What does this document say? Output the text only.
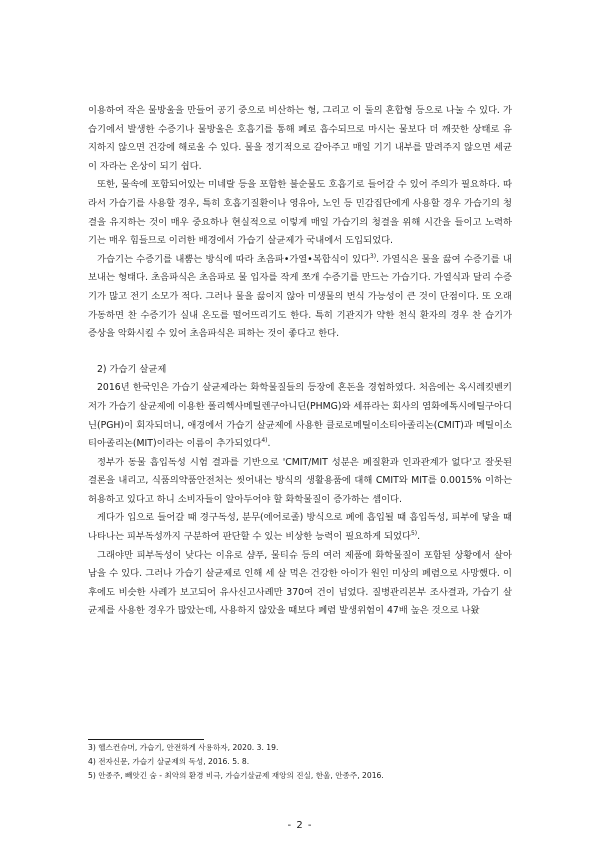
이용하여 작은 물방울을 만들어 공기 중으로 비산하는 형, 그리고 이 둘의 혼합형 등으로 나눌 수 있다. 가습기에서 발생한 수증기나 물방울은 호흡기를 통해 폐로 흡수되므로 마시는 물보다 더 깨끗한 상태로 유지하지 않으면 건강에 해로울 수 있다. 물을 정기적으로 갈아주고 매일 기기 내부를 말려주지 않으면 세균이 자라는 온상이 되기 쉽다.

또한, 물속에 포함되어있는 미네랄 등을 포함한 불순물도 호흡기로 들어갈 수 있어 주의가 필요하다. 따라서 가습기를 사용할 경우, 특히 호흡기질환이나 영유아, 노인 등 민감집단에게 사용할 경우 가습기의 청결을 유지하는 것이 매우 중요하나 현실적으로 이렇게 매일 가습기의 청결을 위해 시간을 들이고 노력하기는 매우 힘들므로 이러한 배경에서 가습기 살균제가 국내에서 도입되었다.

가습기는 수증기를 내뿜는 방식에 따라 초음파•가열•복합식이 있다$^{3)}$. 가열식은 물을 끓여 수증기를 내보내는 형태다. 초음파식은 초음파로 물 입자를 작게 쪼개 수증기를 만드는 가습기다. 가열식과 달리 수증기가 많고 전기 소모가 적다. 그러나 물을 끓이지 않아 미생물의 번식 가능성이 큰 것이 단점이다. 또 오래 가동하면 찬 수증기가 실내 온도를 떨어뜨리기도 한다. 특히 기관지가 약한 천식 환자의 경우 찬 습기가 증상을 악화시킬 수 있어 초음파식은 피하는 것이 좋다고 한다.

2) 가습기 살균제

2016년 한국인은 가습기 살균제라는 화학물질들의 등장에 혼돈을 경험하였다. 처음에는 옥시레킷벤키저가 가습기 살균제에 이용한 폴리헥사메틸렌구아니딘(PHMG)와 세퓨라는 회사의 염화에톡시에틸구아디닌(PGH)이 회자되더니, 애경에서 가습기 살균제에 사용한 클로로메틸이소티아졸리논(CMIT)과 메틸이소티아졸리논(MIT)이라는 이름이 추가되었다$^{4)}$.

정부가 동물 흡입독성 시험 결과를 기반으로 'CMIT/MIT 성분은 폐질환과 인과관계가 없다'고 잘못된 결론을 내리고, 식품의약품안전처는 씻어내는 방식의 생활용품에 대해 CMIT와 MIT를 0.0015% 이하는 허용하고 있다고 하니 소비자들이 알아두어야 할 화학물질이 증가하는 셈이다.

게다가 입으로 들어갈 때 경구독성, 분무(에어로졸) 방식으로 폐에 흡입될 때 흡입독성, 피부에 닿을 때 나타나는 피부독성까지 구분하여 판단할 수 있는 비상한 능력이 필요하게 되었다$^{5)}$.

그래야만 피부독성이 낮다는 이유로 샴푸, 물티슈 등의 여러 제품에 화학물질이 포함된 상황에서 살아남을 수 있다. 그러나 가습기 살균제로 인해 세 살 먹은 건강한 아이가 원인 미상의 폐렴으로 사망했다. 이후에도 비슷한 사례가 보고되어 유사신고사례만 370여 건이 넘었다. 질병관리본부 조사결과, 가습기 살균제를 사용한 경우가 많았는데, 사용하지 않았을 때보다 폐렴 발생위험이 47배 높은 것으로 나왔

3) 헬스컨슈머, 가습기, 안전하게 사용하자, 2020. 3. 19.
4) 전자신문, 가습기 살균제의 독성, 2016. 5. 8.
5) 안종주, 빼앗긴 숨 - 최악의 환경 비극, 가습기살균제 재앙의 진실, 한울, 안종주, 2016.
- 2 -
